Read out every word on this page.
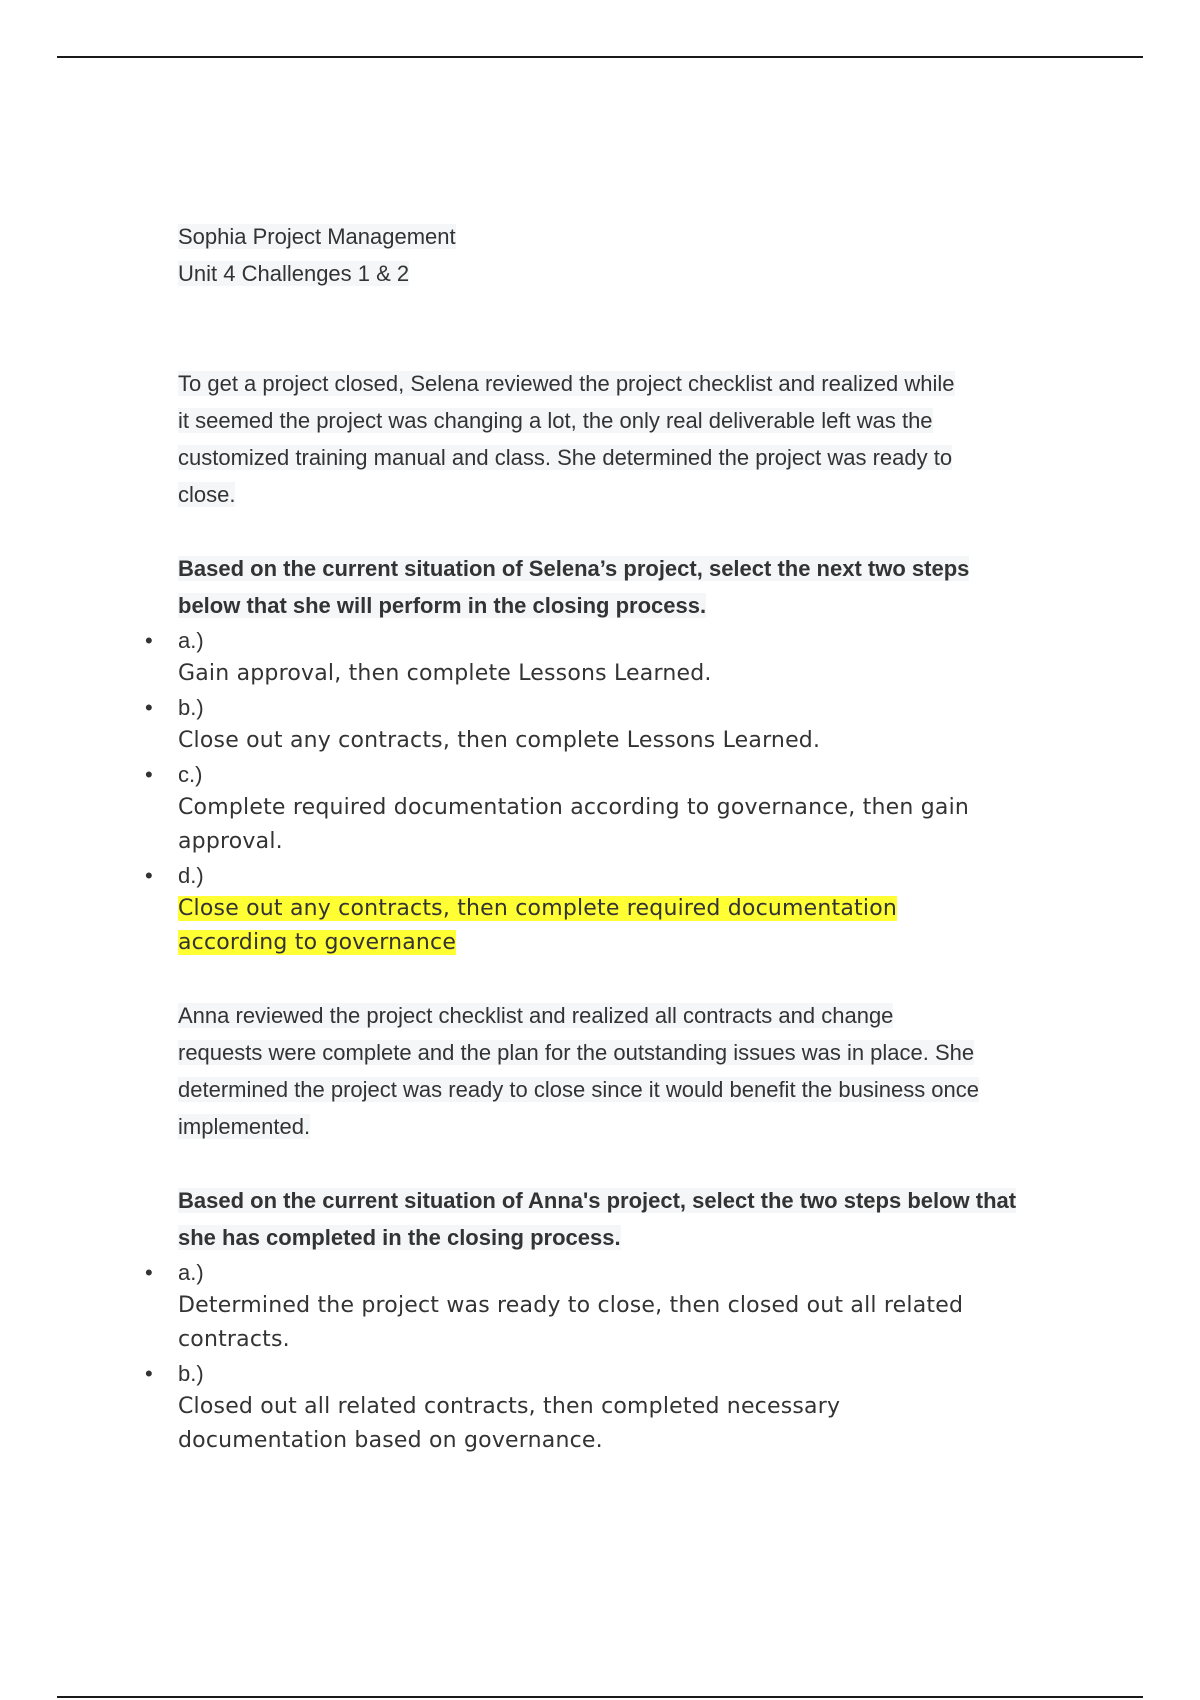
Sophia Project Management
Unit 4 Challenges 1 & 2

To get a project closed, Selena reviewed the project checklist and realized while it seemed the project was changing a lot, the only real deliverable left was the customized training manual and class. She determined the project was ready to close.

Based on the current situation of Selena’s project, select the next two steps below that she will perform in the closing process.

• a.)
Gain approval, then complete Lessons Learned.
• b.)
Close out any contracts, then complete Lessons Learned.
• c.)
Complete required documentation according to governance, then gain approval.
• d.)
Close out any contracts, then complete required documentation according to governance

Anna reviewed the project checklist and realized all contracts and change requests were complete and the plan for the outstanding issues was in place. She determined the project was ready to close since it would benefit the business once implemented.

Based on the current situation of Anna's project, select the two steps below that she has completed in the closing process.

• a.)
Determined the project was ready to close, then closed out all related contracts.
• b.)
Closed out all related contracts, then completed necessary documentation based on governance.
